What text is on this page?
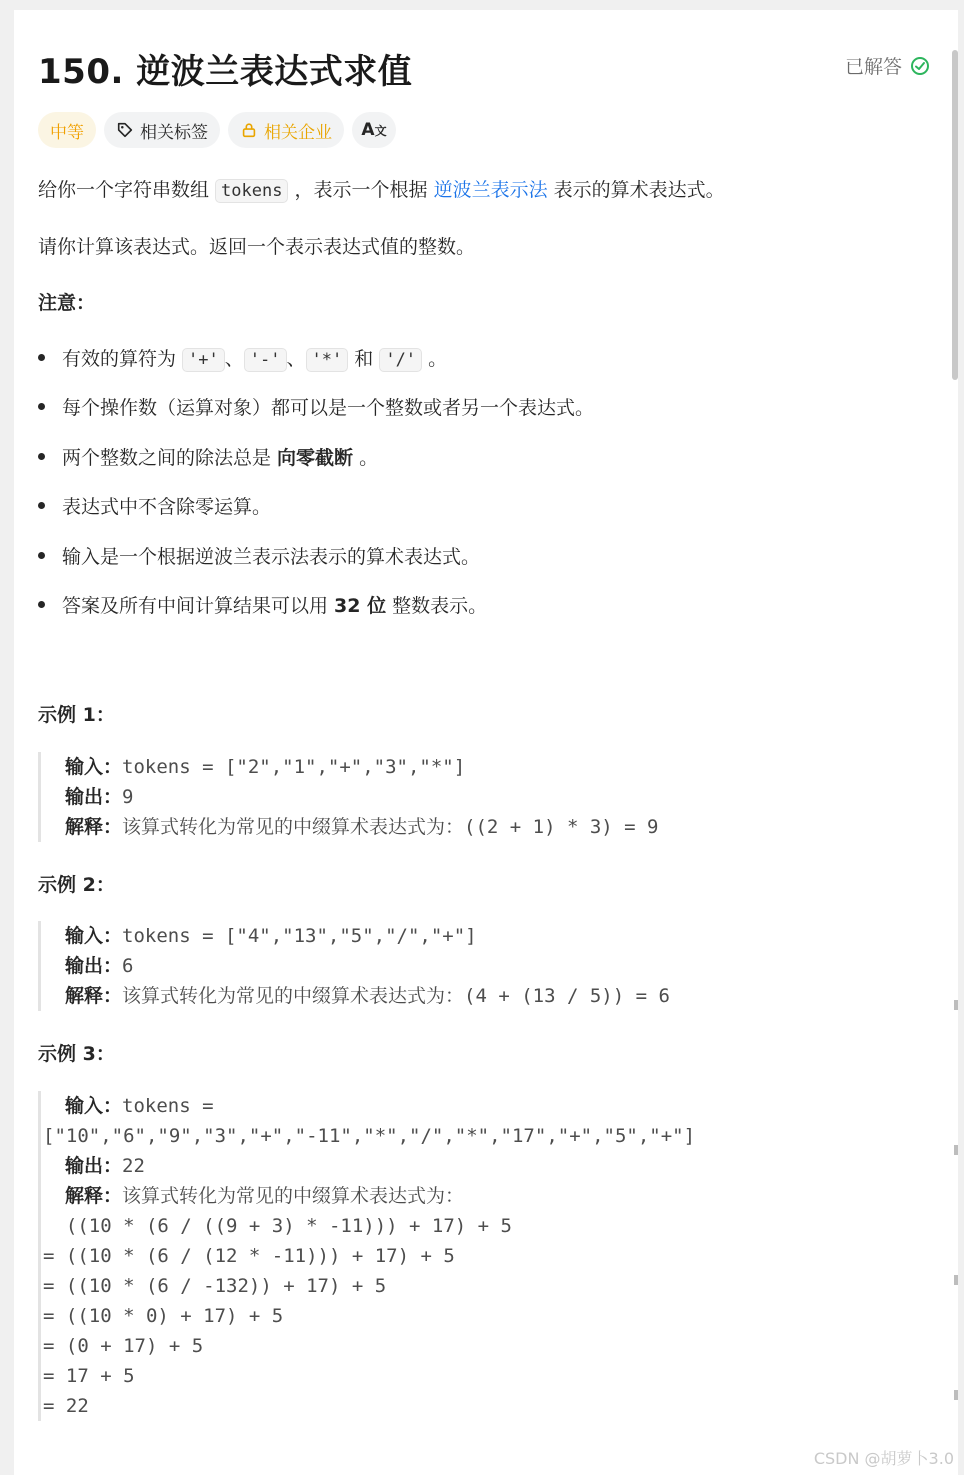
150. 逆波兰表达式求值	已解答
中等	相关标签	相关企业 A文
给你一个字符串数组 tokens ，表示一个根据 逆波兰表示法 表示的算术表达式。
请你计算该表达式。返回一个表示表达式值的整数。
注意：
有效的算符为 '+' 、 '-' 、 '*' 和 '/' 。
每个操作数（运算对象）都可以是一个整数或者另一个表达式。
两个整数之间的除法总是 向零截断 。
表达式中不含除零运算。
输入是一个根据逆波兰表示法表示的算术表达式。
答案及所有中间计算结果可以用 32 位 整数表示。
示例 1：
输入：tokens = ["2","1","+","3","*"]
输出：9
解释：该算式转化为常见的中缀算术表达式为：((2 + 1) * 3) = 9
示例 2：
输入：tokens = ["4","13","5","/","+"]
输出：6
解释：该算式转化为常见的中缀算术表达式为：(4 + (13 / 5)) = 6
示例 3：
输入：tokens =
["10","6","9","3","+","-11","*","/","*","17","+","5","+"]
输出：22
解释：该算式转化为常见的中缀算术表达式为：
((10 * (6 / ((9 + 3) * -11))) + 17) + 5
= ((10 * (6 / (12 * -11))) + 17) + 5
= ((10 * (6 / -132)) + 17) + 5
= ((10 * 0) + 17) + 5
= (0 + 17) + 5
= 17 + 5
= 22
CSDN @胡萝卜3.0
